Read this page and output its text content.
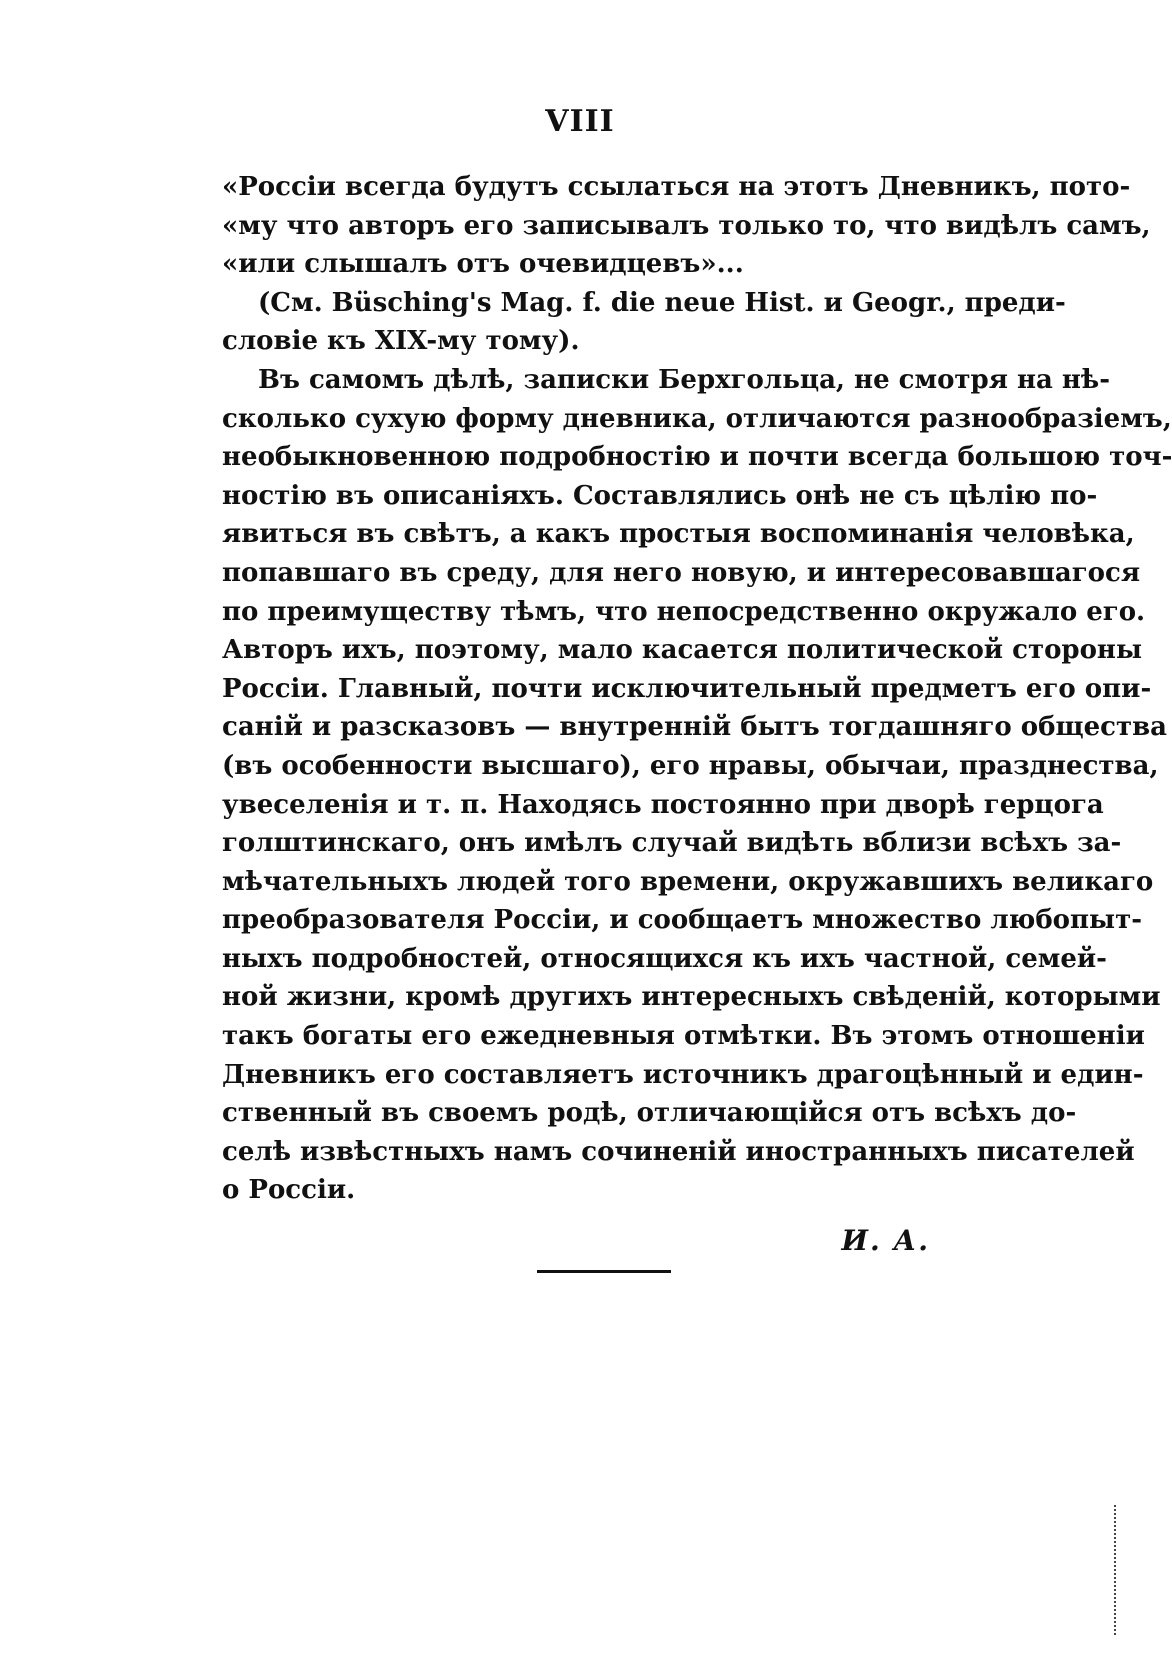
VIII
«Россіи всегда будутъ ссылаться на этотъ Дневникъ, пото-
«му что авторъ его записывалъ только то, что видѣлъ самъ,
«или слышалъ отъ очевидцевъ»...
(См. Büsching's Mag. f. die neue Hist. и Geogr., преди-
словіе къ XIX-му тому).
Въ самомъ дѣлѣ, записки Берхгольца, не смотря на нѣ-
сколько сухую форму дневника, отличаются разнообразіемъ,
необыкновенною подробностію и почти всегда большою точ-
ностію въ описаніяхъ. Составлялись онѣ не съ цѣлію по-
явиться въ свѣтъ, а какъ простыя воспоминанія человѣка,
попавшаго въ среду, для него новую, и интересовавшагося
по преимуществу тѣмъ, что непосредственно окружало его.
Авторъ ихъ, поэтому, мало касается политической стороны
Россіи. Главный, почти исключительный предметъ его опи-
саній и разсказовъ — внутренній бытъ тогдашняго общества
(въ особенности высшаго), его нравы, обычаи, празднества,
увеселенія и т. п. Находясь постоянно при дворѣ герцога
голштинскаго, онъ имѣлъ случай видѣть вблизи всѣхъ за-
мѣчательныхъ людей того времени, окружавшихъ великаго
преобразователя Россіи, и сообщаетъ множество любопыт-
ныхъ подробностей, относящихся къ ихъ частной, семей-
ной жизни, кромѣ другихъ интересныхъ свѣденій, которыми
такъ богаты его ежедневныя отмѣтки. Въ этомъ отношеніи
Дневникъ его составляетъ источникъ драгоцѣнный и един-
ственный въ своемъ родѣ, отличающійся отъ всѣхъ до-
селѣ извѣстныхъ намъ сочиненій иностранныхъ писателей
о Россіи.
И. А.
